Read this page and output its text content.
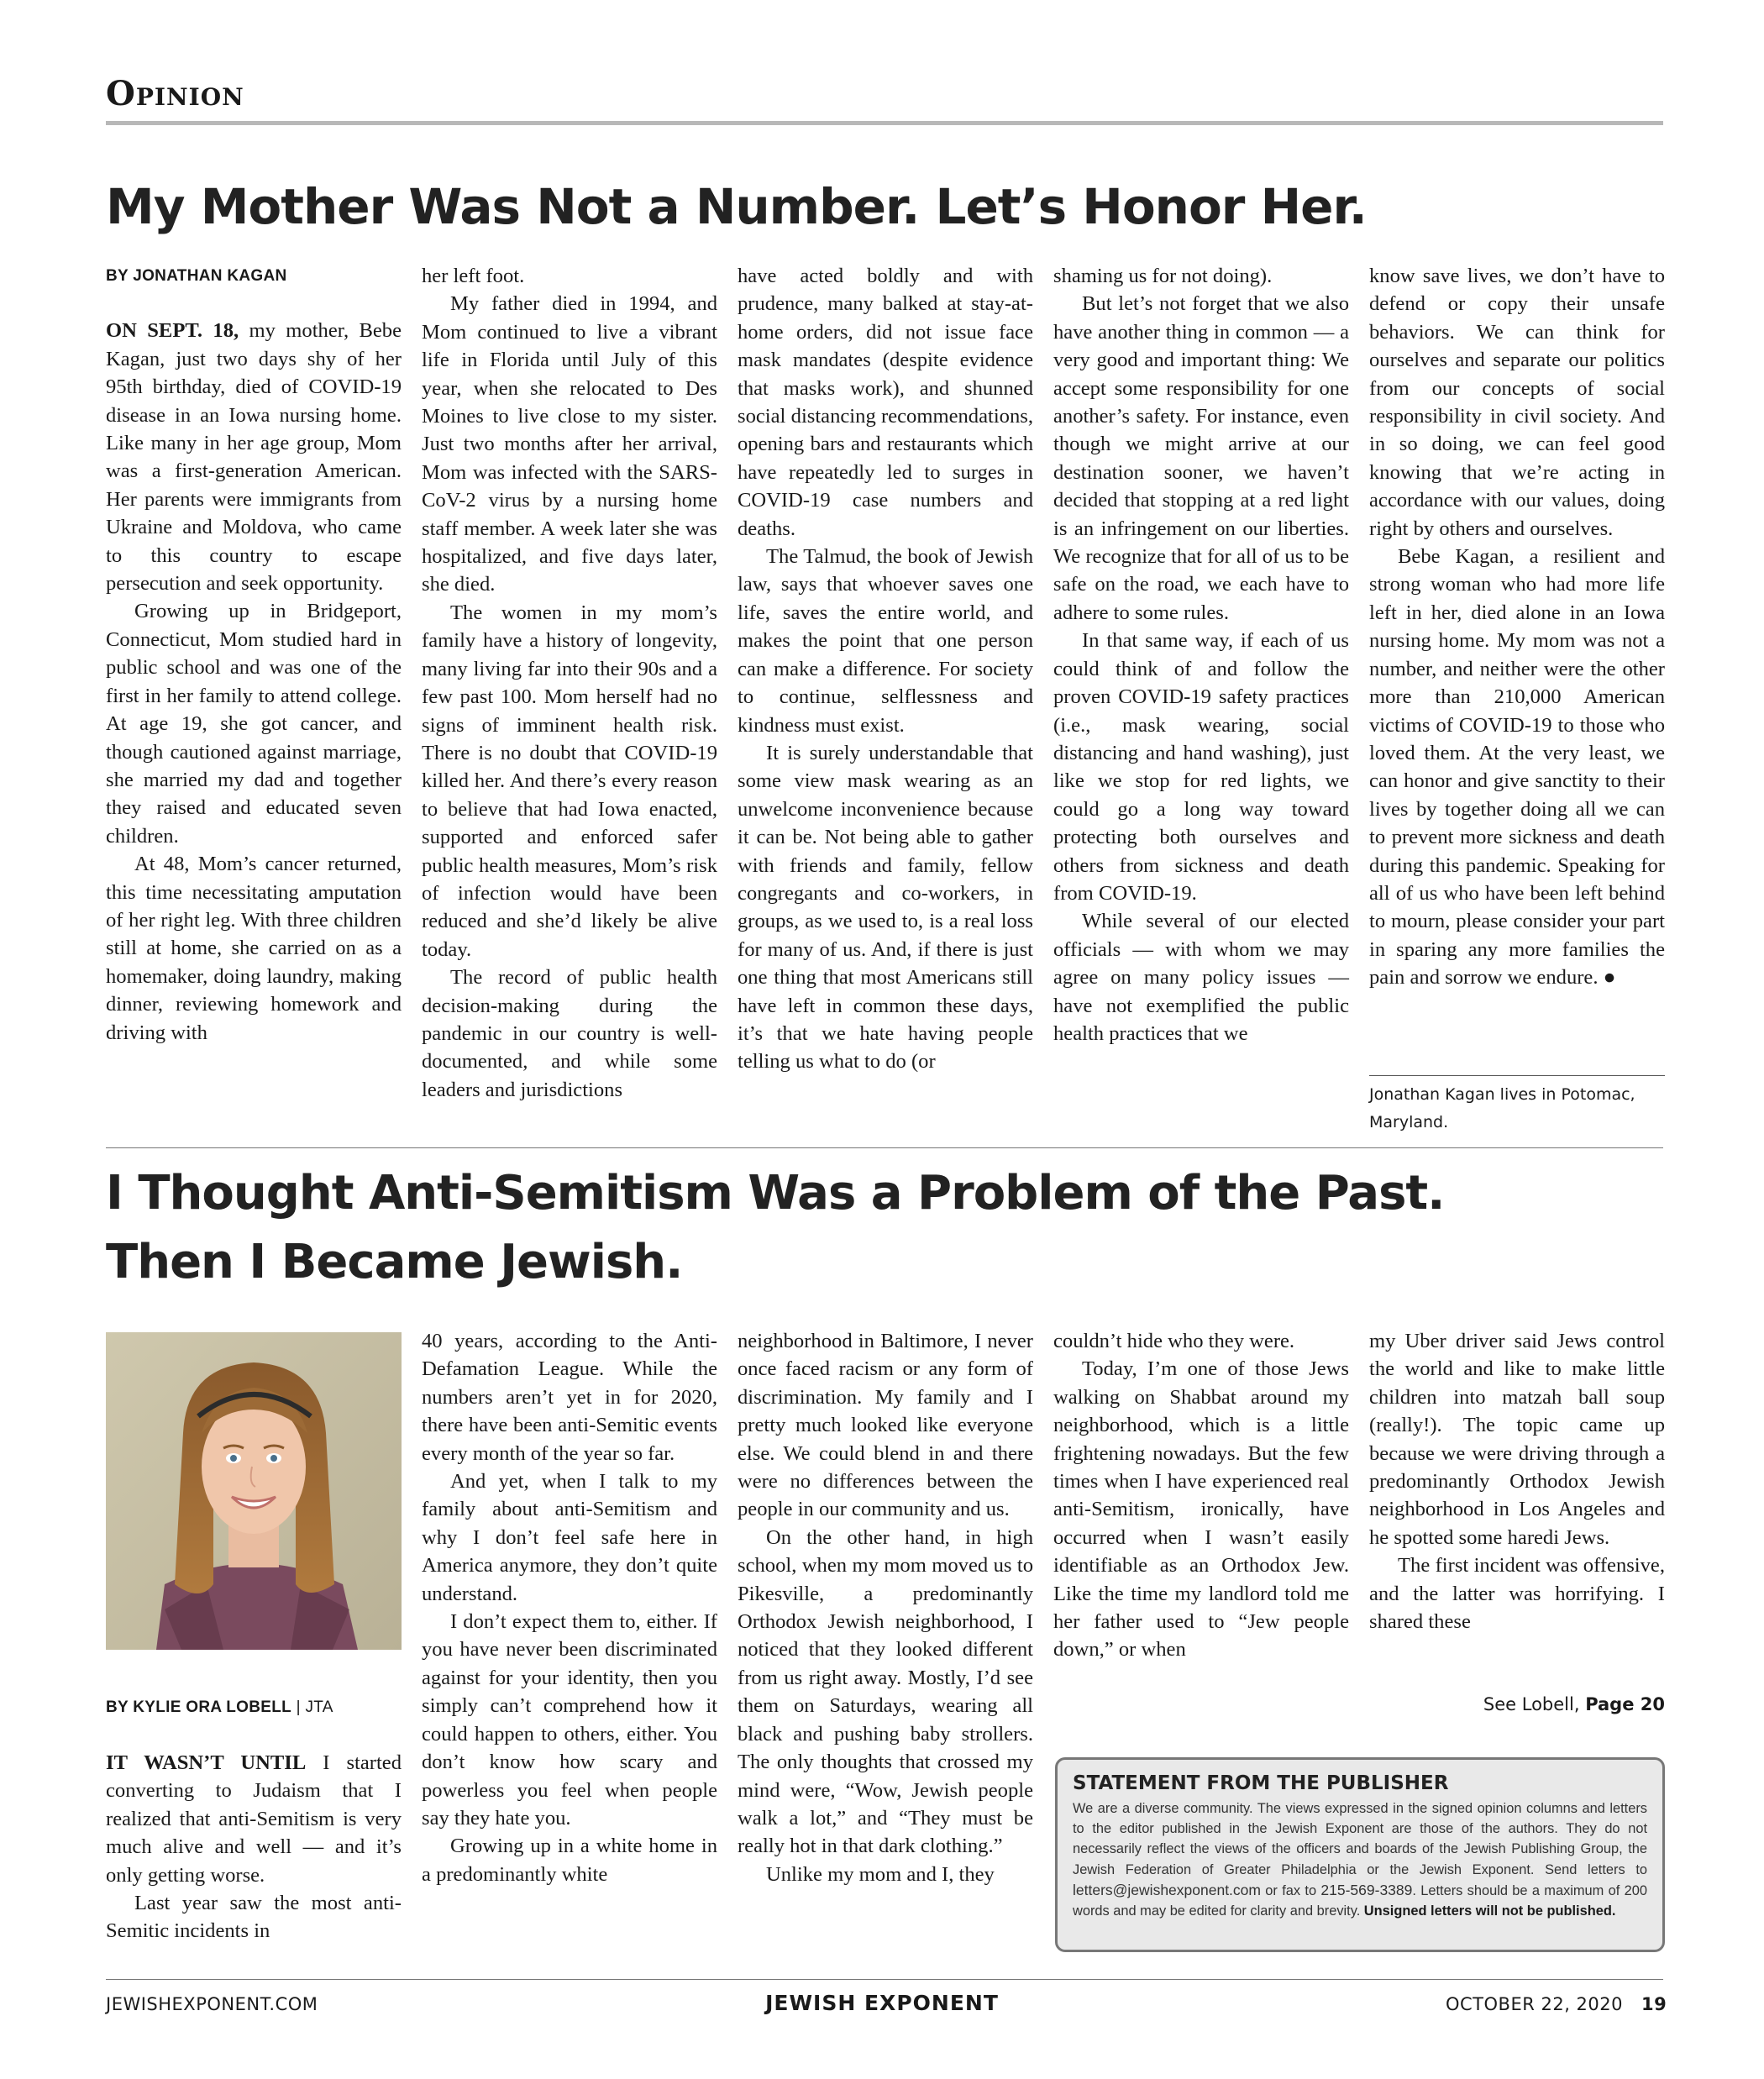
Opinion
My Mother Was Not a Number. Let’s Honor Her.
BY JONATHAN KAGAN

ON SEPT. 18, my mother, Bebe Kagan, just two days shy of her 95th birthday, died of COVID-19 disease in an Iowa nursing home. Like many in her age group, Mom was a first-generation American. Her parents were immigrants from Ukraine and Moldova, who came to this country to escape persecution and seek opportunity.

Growing up in Bridgeport, Connecticut, Mom studied hard in public school and was one of the first in her family to attend college. At age 19, she got cancer, and though cautioned against marriage, she married my dad and together they raised and educated seven children.

At 48, Mom’s cancer returned, this time necessitating amputation of her right leg. With three children still at home, she carried on as a homemaker, doing laundry, making dinner, reviewing homework and driving with

her left foot.

My father died in 1994, and Mom continued to live a vibrant life in Florida until July of this year, when she relocated to Des Moines to live close to my sister. Just two months after her arrival, Mom was infected with the SARS-CoV-2 virus by a nursing home staff member. A week later she was hospitalized, and five days later, she died.

The women in my mom’s family have a history of longevity, many living far into their 90s and a few past 100. Mom herself had no signs of imminent health risk. There is no doubt that COVID-19 killed her. And there’s every reason to believe that had Iowa enacted, supported and enforced safer public health measures, Mom’s risk of infection would have been reduced and she’d likely be alive today.

The record of public health decision-making during the pandemic in our country is well-documented, and while some leaders and jurisdictions

have acted boldly and with prudence, many balked at stay-at-home orders, did not issue face mask mandates (despite evidence that masks work), and shunned social distancing recommendations, opening bars and restaurants which have repeatedly led to surges in COVID-19 case numbers and deaths.

The Talmud, the book of Jewish law, says that whoever saves one life, saves the entire world, and makes the point that one person can make a difference. For society to continue, selflessness and kindness must exist.

It is surely understandable that some view mask wearing as an unwelcome inconvenience because it can be. Not being able to gather with friends and family, fellow congregants and co-workers, in groups, as we used to, is a real loss for many of us. And, if there is just one thing that most Americans still have left in common these days, it’s that we hate having people telling us what to do (or

shaming us for not doing).

But let’s not forget that we also have another thing in common — a very good and important thing: We accept some responsibility for one another’s safety. For instance, even though we might arrive at our destination sooner, we haven’t decided that stopping at a red light is an infringement on our liberties. We recognize that for all of us to be safe on the road, we each have to adhere to some rules.

In that same way, if each of us could think of and follow the proven COVID-19 safety practices (i.e., mask wearing, social distancing and hand washing), just like we stop for red lights, we could go a long way toward protecting both ourselves and others from sickness and death from COVID-19.

While several of our elected officials — with whom we may agree on many policy issues — have not exemplified the public health practices that we

know save lives, we don’t have to defend or copy their unsafe behaviors. We can think for ourselves and separate our politics from our concepts of social responsibility in civil society. And in so doing, we can feel good knowing that we’re acting in accordance with our values, doing right by others and ourselves.

Bebe Kagan, a resilient and strong woman who had more life left in her, died alone in an Iowa nursing home. My mom was not a number, and neither were the other more than 210,000 American victims of COVID-19 to those who loved them. At the very least, we can honor and give sanctity to their lives by together doing all we can to prevent more sickness and death during this pandemic. Speaking for all of us who have been left behind to mourn, please consider your part in sparing any more families the pain and sorrow we endure. ●

Jonathan Kagan lives in Potomac, Maryland.
I Thought Anti-Semitism Was a Problem of the Past.
Then I Became Jewish.
BY KYLIE ORA LOBELL | JTA

IT WASN’T UNTIL I started converting to Judaism that I realized that anti-Semitism is very much alive and well — and it’s only getting worse.

Last year saw the most anti-Semitic incidents in

40 years, according to the Anti-Defamation League. While the numbers aren’t yet in for 2020, there have been anti-Semitic events every month of the year so far.

And yet, when I talk to my family about anti-Semitism and why I don’t feel safe here in America anymore, they don’t quite understand.

I don’t expect them to, either. If you have never been discriminated against for your identity, then you simply can’t comprehend how it could happen to others, either. You don’t know how scary and powerless you feel when people say they hate you.

Growing up in a white home in a predominantly white

neighborhood in Baltimore, I never once faced racism or any form of discrimination. My family and I pretty much looked like everyone else. We could blend in and there were no differences between the people in our community and us.

On the other hand, in high school, when my mom moved us to Pikesville, a predominantly Orthodox Jewish neighborhood, I noticed that they looked different from us right away. Mostly, I’d see them on Saturdays, wearing all black and pushing baby strollers. The only thoughts that crossed my mind were, “Wow, Jewish people walk a lot,” and “They must be really hot in that dark clothing.”

Unlike my mom and I, they

couldn’t hide who they were.

Today, I’m one of those Jews walking on Shabbat around my neighborhood, which is a little frightening nowadays. But the few times when I have experienced real anti-Semitism, ironically, have occurred when I wasn’t easily identifiable as an Orthodox Jew. Like the time my landlord told me her father used to “Jew people down,” or when

my Uber driver said Jews control the world and like to make little children into matzah ball soup (really!). The topic came up because we were driving through a predominantly Orthodox Jewish neighborhood in Los Angeles and he spotted some haredi Jews.

The first incident was offensive, and the latter was horrifying. I shared these

See Lobell, Page 20
STATEMENT FROM THE PUBLISHER
We are a diverse community. The views expressed in the signed opinion columns and letters to the editor published in the Jewish Exponent are those of the authors. They do not necessarily reflect the views of the officers and boards of the Jewish Publishing Group, the Jewish Federation of Greater Philadelphia or the Jewish Exponent. Send letters to letters@jewishexponent.com or fax to 215-569-3389. Letters should be a maximum of 200 words and may be edited for clarity and brevity. Unsigned letters will not be published.
JEWISHEXPONENT.COM	JEWISH EXPONENT	OCTOBER 22, 2020 19
